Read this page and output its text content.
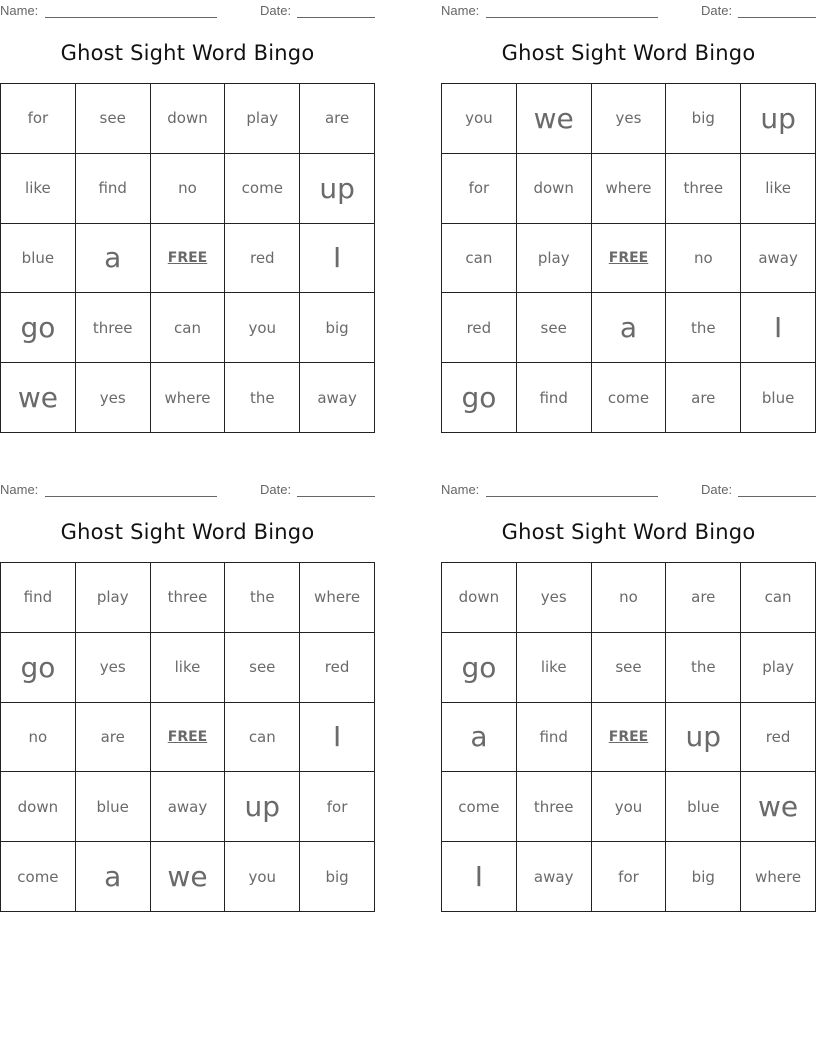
Name:	Date:
Ghost Sight Word Bingo
for	see	down	play	are
like	find	no	come	up
blue	a	FREE	red	I
go	three	can	you	big
we	yes	where	the	away
Name:	Date:
Ghost Sight Word Bingo
you	we	yes	big	up
for	down	where	three	like
can	play	FREE	no	away
red	see	a	the	I
go	find	come	are	blue
Name:	Date:
Ghost Sight Word Bingo
find	play	three	the	where
go	yes	like	see	red
no	are	FREE	can	I
down	blue	away	up	for
come	a	we	you	big
Name:	Date:
Ghost Sight Word Bingo
down	yes	no	are	can
go	like	see	the	play
a	find	FREE	up	red
come	three	you	blue	we
I	away	for	big	where
